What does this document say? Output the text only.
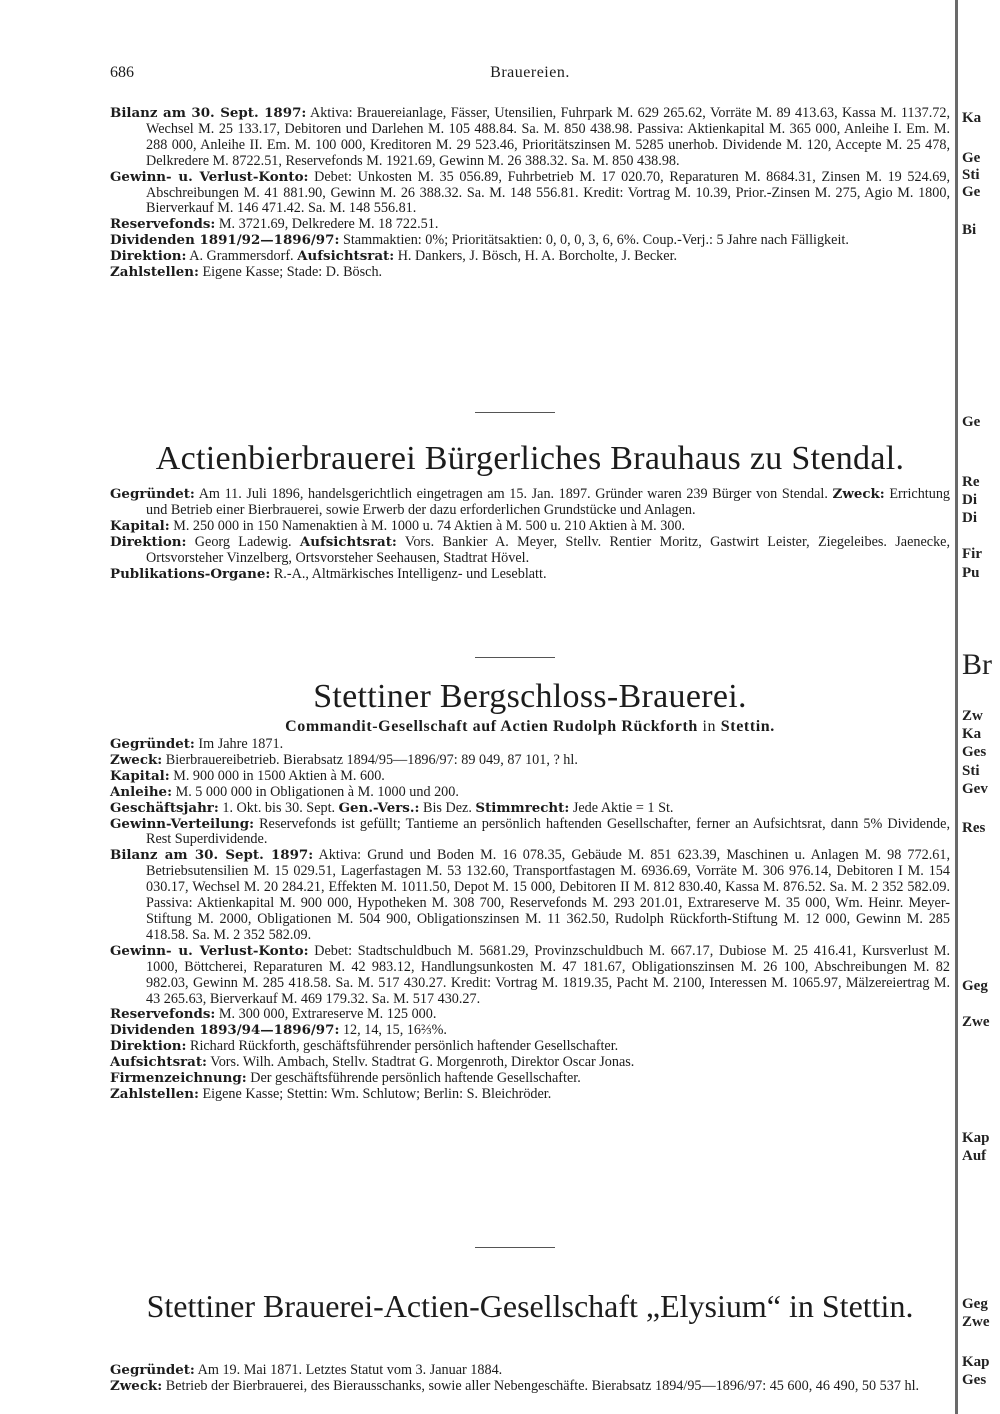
686	Brauereien.

Bilanz am 30. Sept. 1897: Aktiva: Brauereianlage, Fässer, Utensilien, Fuhrpark M. 629 265.62, Vorräte M. 89 413.63, Kassa M. 1137.72, Wechsel M. 25 133.17, Debitoren und Darlehen M. 105 488.84. Sa. M. 850 438.98. Passiva: Aktienkapital M. 365 000, Anleihe I. Em. M. 288 000, Anleihe II. Em. M. 100 000, Kreditoren M. 29 523.46, Prioritätszinsen M. 5285 unerhob. Dividende M. 120, Accepte M. 25 478, Delkredere M. 8722.51, Reservefonds M. 1921.69, Gewinn M. 26 388.32. Sa. M. 850 438.98.

Gewinn- u. Verlust-Konto: Debet: Unkosten M. 35 056.89, Fuhrbetrieb M. 17 020.70, Reparaturen M. 8684.31, Zinsen M. 19 524.69, Abschreibungen M. 41 881.90, Gewinn M. 26 388.32. Sa. M. 148 556.81. Kredit: Vortrag M. 10.39, Prior.-Zinsen M. 275, Agio M. 1800, Bierverkauf M. 146 471.42. Sa. M. 148 556.81.

Reservefonds: M. 3721.69, Delkredere M. 18 722.51.

Dividenden 1891/92—1896/97: Stammaktien: 0%; Prioritätsaktien: 0, 0, 0, 3, 6, 6%. Coup.-Verj.: 5 Jahre nach Fälligkeit.

Direktion: A. Grammersdorf. Aufsichtsrat: H. Dankers, J. Bösch, H. A. Borcholte, J. Becker.

Zahlstellen: Eigene Kasse; Stade: D. Bösch.

Actienbierbrauerei Bürgerliches Brauhaus zu Stendal.

Gegründet: Am 11. Juli 1896, handelsgerichtlich eingetragen am 15. Jan. 1897. Gründer waren 239 Bürger von Stendal. Zweck: Errichtung und Betrieb einer Bierbrauerei, sowie Erwerb der dazu erforderlichen Grundstücke und Anlagen.

Kapital: M. 250 000 in 150 Namenaktien à M. 1000 u. 74 Aktien à M. 500 u. 210 Aktien à M. 300.

Direktion: Georg Ladewig. Aufsichtsrat: Vors. Bankier A. Meyer, Stellv. Rentier Moritz, Gastwirt Leister, Ziegeleibes. Jaenecke, Ortsvorsteher Vinzelberg, Ortsvorsteher Seehausen, Stadtrat Hövel.

Publikations-Organe: R.-A., Altmärkisches Intelligenz- und Leseblatt.

Stettiner Bergschloss-Brauerei.
Commandit-Gesellschaft auf Actien Rudolph Rückforth in Stettin.

Gegründet: Im Jahre 1871.

Zweck: Bierbrauereibetrieb. Bierabsatz 1894/95—1896/97: 89 049, 87 101, ? hl.

Kapital: M. 900 000 in 1500 Aktien à M. 600.

Anleihe: M. 5 000 000 in Obligationen à M. 1000 und 200.

Geschäftsjahr: 1. Okt. bis 30. Sept. Gen.-Vers.: Bis Dez. Stimmrecht: Jede Aktie = 1 St.

Gewinn-Verteilung: Reservefonds ist gefüllt; Tantieme an persönlich haftenden Gesellschafter, ferner an Aufsichtsrat, dann 5% Dividende, Rest Superdividende.

Bilanz am 30. Sept. 1897: Aktiva: Grund und Boden M. 16 078.35, Gebäude M. 851 623.39, Maschinen u. Anlagen M. 98 772.61, Betriebsutensilien M. 15 029.51, Lagerfastagen M. 53 132.60, Transportfastagen M. 6936.69, Vorräte M. 306 976.14, Debitoren I M. 154 030.17, Wechsel M. 20 284.21, Effekten M. 1011.50, Depot M. 15 000, Debitoren II M. 812 830.40, Kassa M. 876.52. Sa. M. 2 352 582.09. Passiva: Aktienkapital M. 900 000, Hypotheken M. 308 700, Reservefonds M. 293 201.01, Extrareserve M. 35 000, Wm. Heinr. Meyer-Stiftung M. 2000, Obligationen M. 504 900, Obligationszinsen M. 11 362.50, Rudolph Rückforth-Stiftung M. 12 000, Gewinn M. 285 418.58. Sa. M. 2 352 582.09.

Gewinn- u. Verlust-Konto: Debet: Stadtschuldbuch M. 5681.29, Provinzschuldbuch M. 667.17, Dubiose M. 25 416.41, Kursverlust M. 1000, Böttcherei, Reparaturen M. 42 983.12, Handlungsunkosten M. 47 181.67, Obligationszinsen M. 26 100, Abschreibungen M. 82 982.03, Gewinn M. 285 418.58. Sa. M. 517 430.27. Kredit: Vortrag M. 1819.35, Pacht M. 2100, Interessen M. 1065.97, Mälzereiertrag M. 43 265.63, Bierverkauf M. 469 179.32. Sa. M. 517 430.27.

Reservefonds: M. 300 000, Extrareserve M. 125 000.

Dividenden 1893/94—1896/97: 12, 14, 15, 16⅔%.

Direktion: Richard Rückforth, geschäftsführender persönlich haftender Gesellschafter.

Aufsichtsrat: Vors. Wilh. Ambach, Stellv. Stadtrat G. Morgenroth, Direktor Oscar Jonas.

Firmenzeichnung: Der geschäftsführende persönlich haftende Gesellschafter.

Zahlstellen: Eigene Kasse; Stettin: Wm. Schlutow; Berlin: S. Bleichröder.

Stettiner Brauerei-Actien-Gesellschaft „Elysium“ in Stettin.

Gegründet: Am 19. Mai 1871. Letztes Statut vom 3. Januar 1884.

Zweck: Betrieb der Bierbrauerei, des Bierausschanks, sowie aller Nebengeschäfte. Bierabsatz 1894/95—1896/97: 45 600, 46 490, 50 537 hl.

Ka
Ge
Sti
Ge
Bi
Ge
Re
Di
Di
Fir
Pu
Br
Zw
Ka
Ges
Sti
Gev
Res
Geg
Zwe
Kap
Auf
Geg
Zwe
Kap
Ges
